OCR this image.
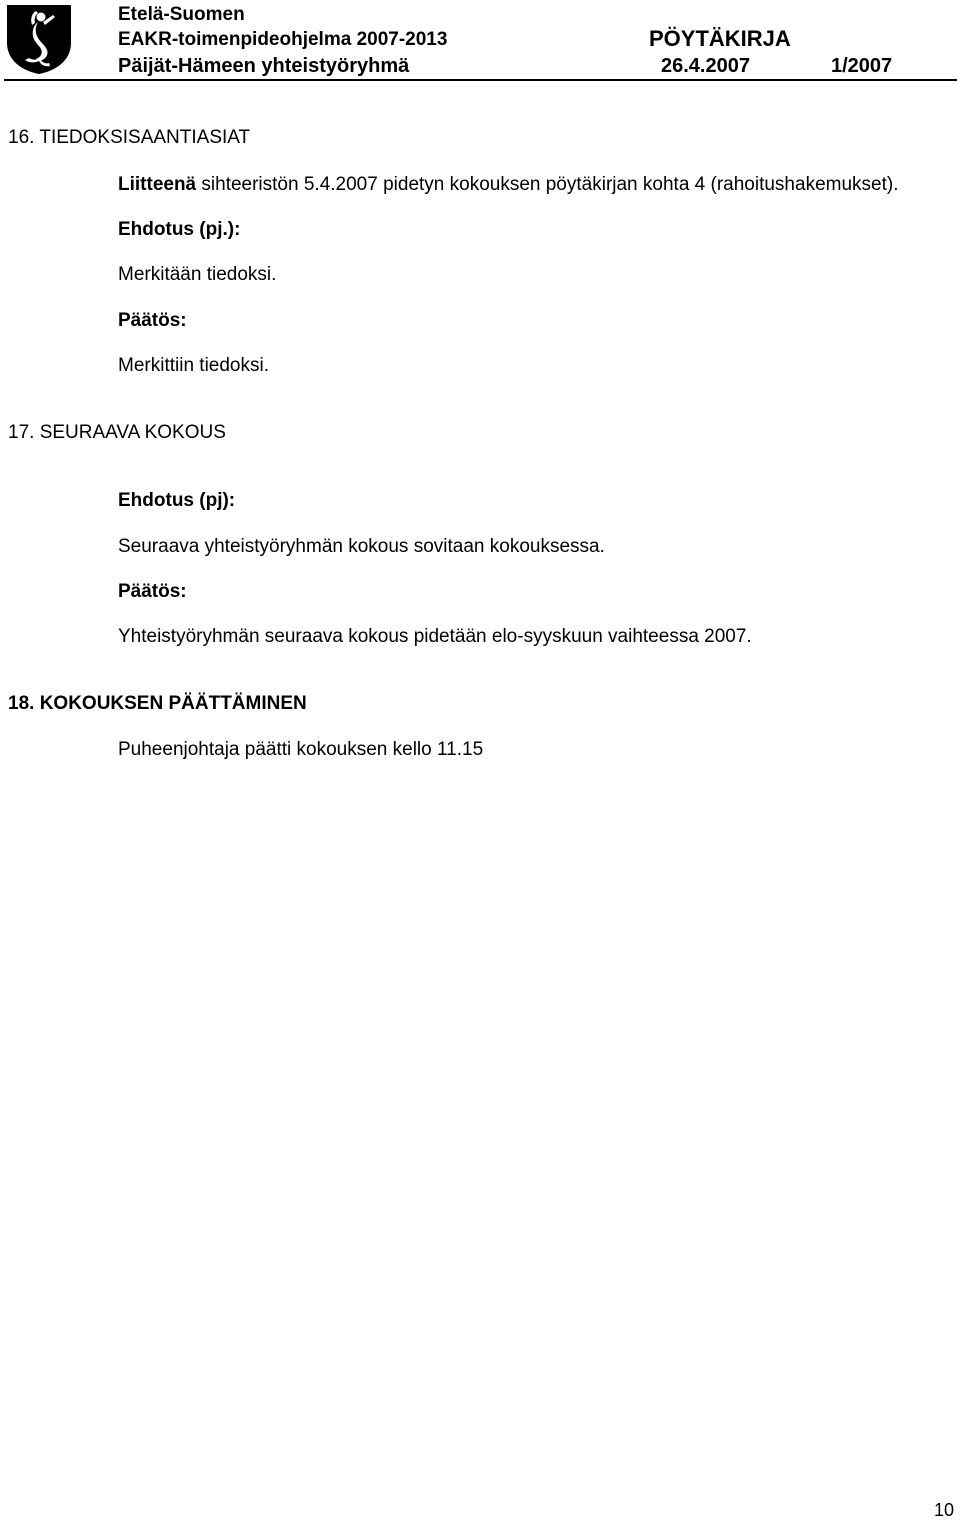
Etelä-Suomen
EAKR-toimenpideohjelma 2007-2013
Päijät-Hämeen yhteistyöryhmä
PÖYTÄKIRJA
26.4.2007	1/2007
16. TIEDOKSISAANTIASIAT
Liitteenä sihteeristön 5.4.2007 pidetyn kokouksen pöytäkirjan kohta 4 (rahoitushakemukset).
Ehdotus (pj.):
Merkitään tiedoksi.
Päätös:
Merkittiin tiedoksi.
17. SEURAAVA KOKOUS
Ehdotus (pj):
Seuraava yhteistyöryhmän kokous sovitaan kokouksessa.
Päätös:
Yhteistyöryhmän seuraava kokous pidetään elo-syyskuun vaihteessa 2007.
18. KOKOUKSEN PÄÄTTÄMINEN
Puheenjohtaja päätti kokouksen kello 11.15
10
